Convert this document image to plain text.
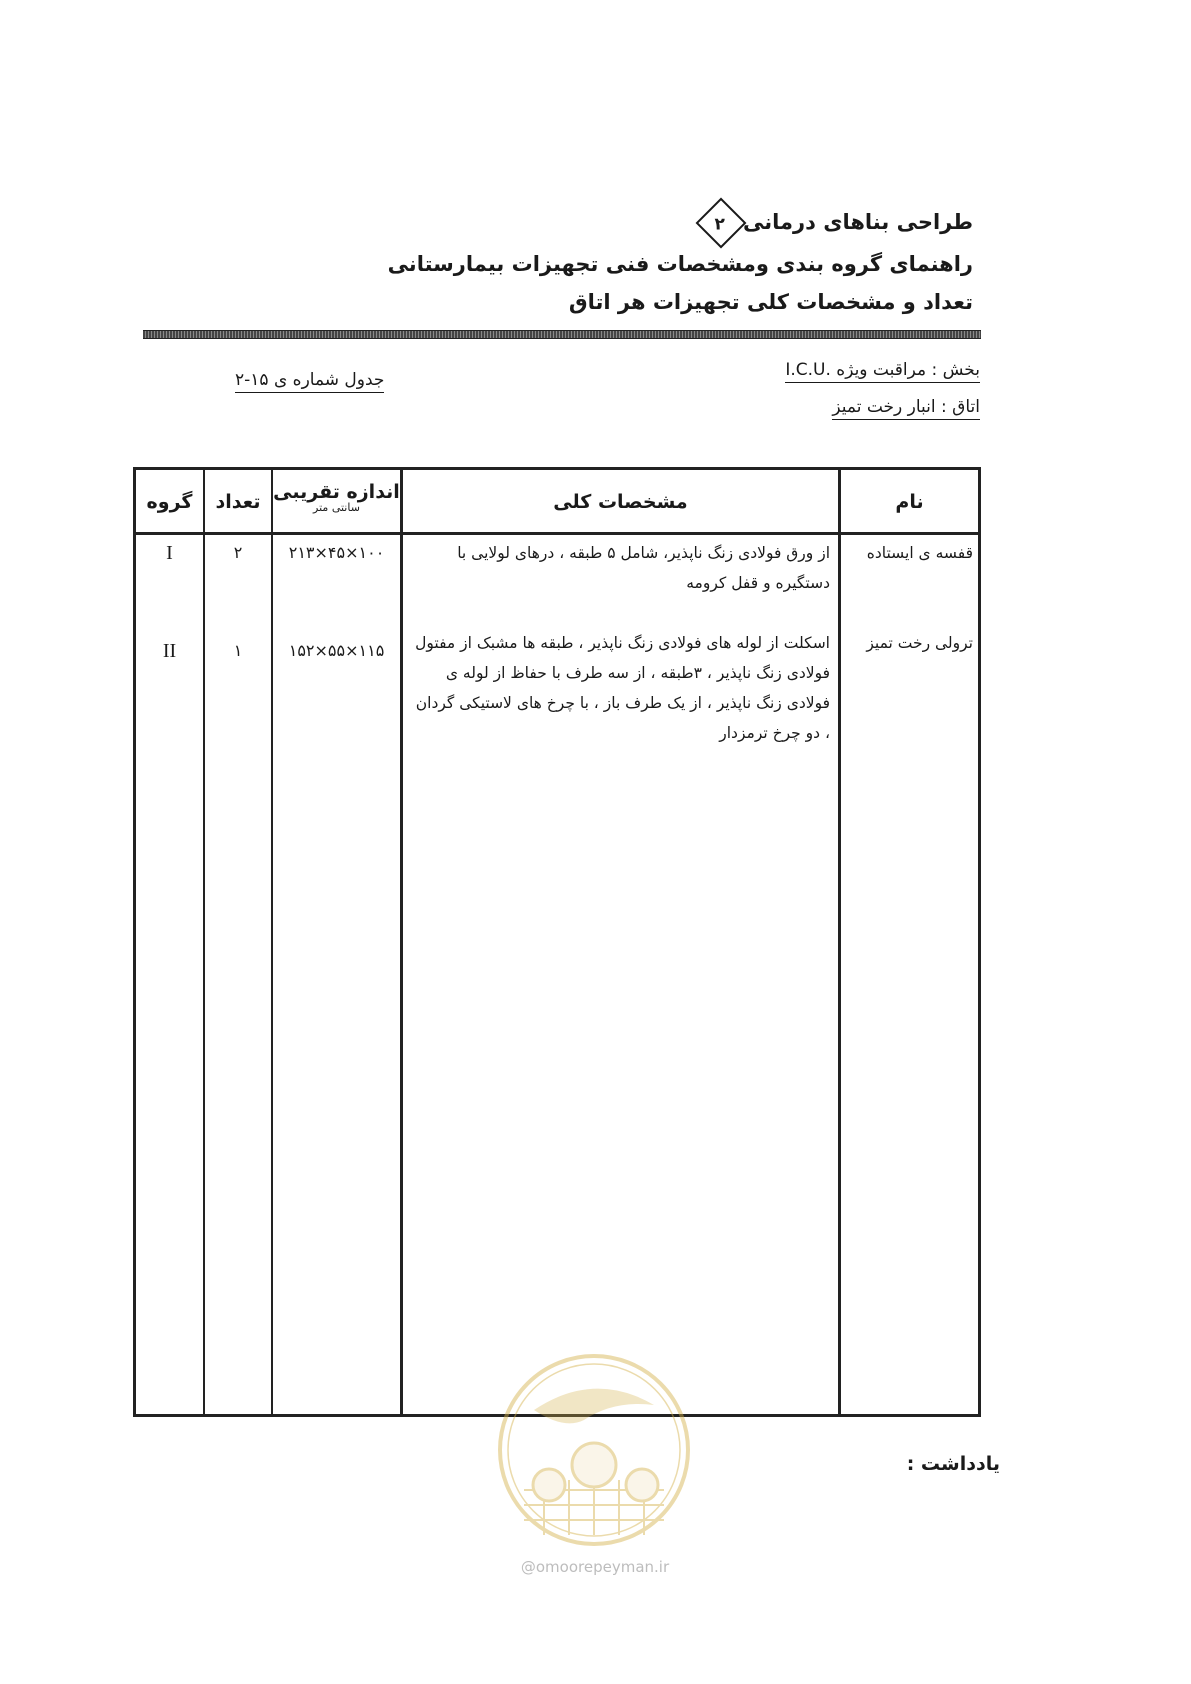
طراحی بناهای درمانی۲
راهنمای گروه بندی ومشخصات فنی تجهیزات بیمارستانی
تعداد و مشخصات کلی تجهیزات هر اتاق
بخش : مراقبت ویژه .I.C.U
اتاق : انبار رخت تمیز
جدول شماره ی ۱۵-۲
نام
مشخصات کلی
اندازه تقریبی
سانتی متر
تعداد
گروه
قفسه ی ایستاده
از ورق فولادی زنگ ناپذیر، شامل ۵ طبقه ، درهای لولایی با دستگیره و قفل کرومه
۱۰۰×۴۵×۲۱۳
۲
I
ترولی رخت تمیز
اسکلت از لوله های فولادی زنگ ناپذیر ، طبقه ها مشبک از مفتول فولادی زنگ ناپذیر ، ۳طبقه ، از سه طرف با حفاظ از لوله ی فولادی زنگ ناپذیر ، از یک طرف باز ، با چرخ های لاستیکی گردان ، دو چرخ ترمزدار
۱۱۵×۵۵×۱۵۲
۱
II
یادداشت :
@omoorepeyman.ir
